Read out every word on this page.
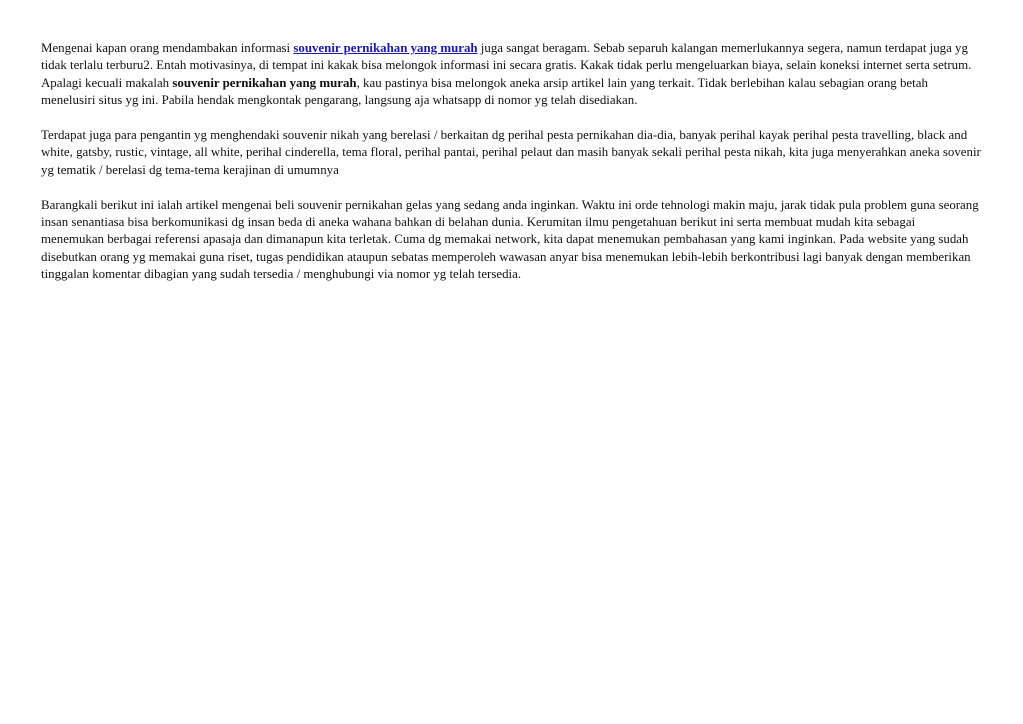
Mengenai kapan orang mendambakan informasi souvenir pernikahan yang murah juga sangat beragam. Sebab separuh kalangan memerlukannya segera, namun terdapat juga yg tidak terlalu terburu2. Entah motivasinya, di tempat ini kakak bisa melongok informasi ini secara gratis. Kakak tidak perlu mengeluarkan biaya, selain koneksi internet serta setrum. Apalagi kecuali makalah souvenir pernikahan yang murah, kau pastinya bisa melongok aneka arsip artikel lain yang terkait. Tidak berlebihan kalau sebagian orang betah menelusiri situs yg ini. Pabila hendak mengkontak pengarang, langsung aja whatsapp di nomor yg telah disediakan.

Terdapat juga para pengantin yg menghendaki souvenir nikah yang berelasi / berkaitan dg perihal pesta pernikahan dia-dia, banyak perihal kayak perihal pesta travelling, black and white, gatsby, rustic, vintage, all white, perihal cinderella, tema floral, perihal pantai, perihal pelaut dan masih banyak sekali perihal pesta nikah, kita juga menyerahkan aneka sovenir yg tematik / berelasi dg tema-tema kerajinan di umumnya

Barangkali berikut ini ialah artikel mengenai beli souvenir pernikahan gelas yang sedang anda inginkan. Waktu ini orde tehnologi makin maju, jarak tidak pula problem guna seorang insan senantiasa bisa berkomunikasi dg insan beda di aneka wahana bahkan di belahan dunia. Kerumitan ilmu pengetahuan berikut ini serta membuat mudah kita sebagai menemukan berbagai referensi apasaja dan dimanapun kita terletak. Cuma dg memakai network, kita dapat menemukan pembahasan yang kami inginkan. Pada website yang sudah disebutkan orang yg memakai guna riset, tugas pendidikan ataupun sebatas memperoleh wawasan anyar bisa menemukan lebih-lebih berkontribusi lagi banyak dengan memberikan tinggalan komentar dibagian yang sudah tersedia / menghubungi via nomor yg telah tersedia.
